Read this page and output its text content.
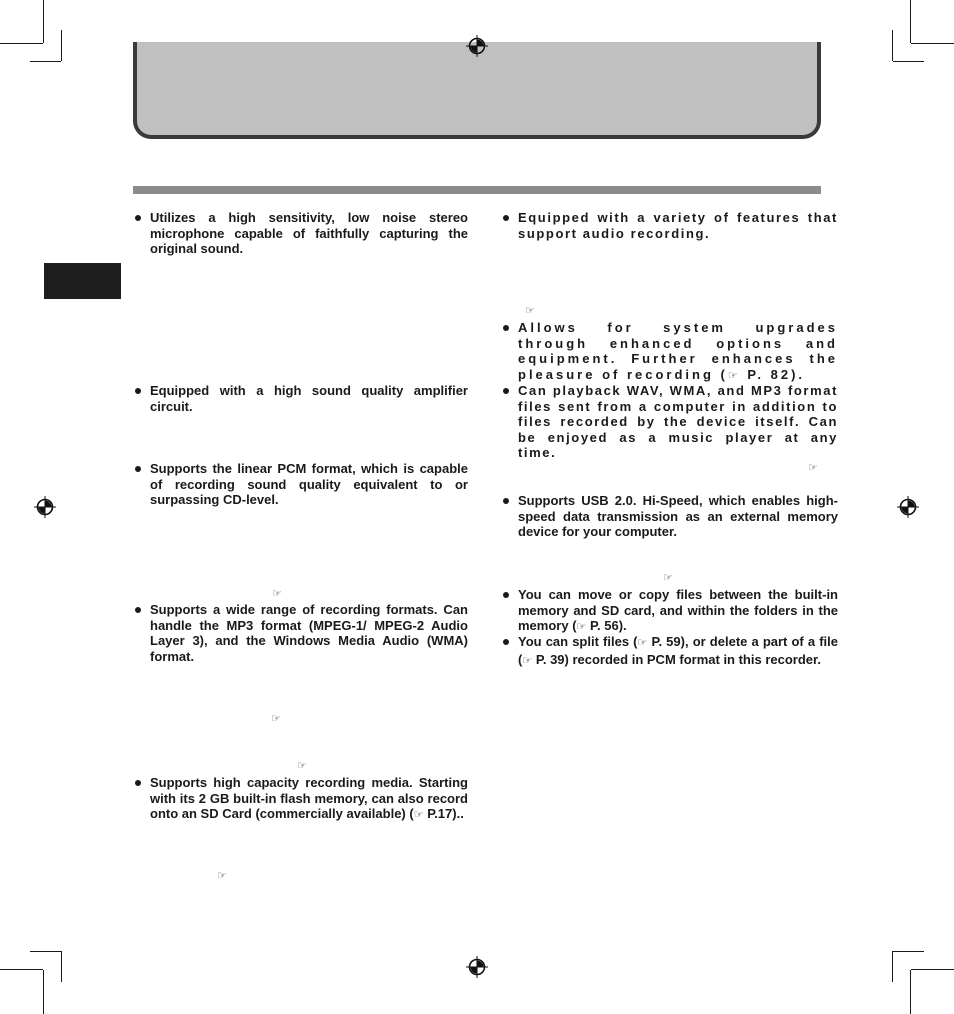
Utilizes a high sensitivity, low noise stereo microphone capable of faithfully capturing the original sound.
Equipped with a high sound quality amplifier circuit.
Supports the linear PCM format, which is capable of recording sound quality equivalent to or surpassing CD-level.
☞
Supports a wide range of recording formats. Can handle the MP3 format (MPEG-1/ MPEG-2 Audio Layer 3), and the Windows Media Audio (WMA) format.
☞
☞
Supports high capacity recording media. Starting with its 2 GB built-in flash memory, can also record onto an SD Card (commercially available) (☞ P.17)..
☞
Equipped with a variety of features that support audio recording.
☞
Allows for system upgrades through enhanced options and equipment. Further enhances the pleasure of recording (☞ P. 82).
Can playback WAV, WMA, and MP3 format files sent from a computer in addition to files recorded by the device itself. Can be enjoyed as a music player at any time.
☞
Supports USB 2.0. Hi-Speed, which enables high-speed data transmission as an external memory device for your computer.
☞
You can move or copy files between the built-in memory and SD card, and within the folders in the memory (☞ P. 56).
You can split files (☞ P. 59), or delete a part of a file (☞ P. 39) recorded in PCM format in this recorder.
